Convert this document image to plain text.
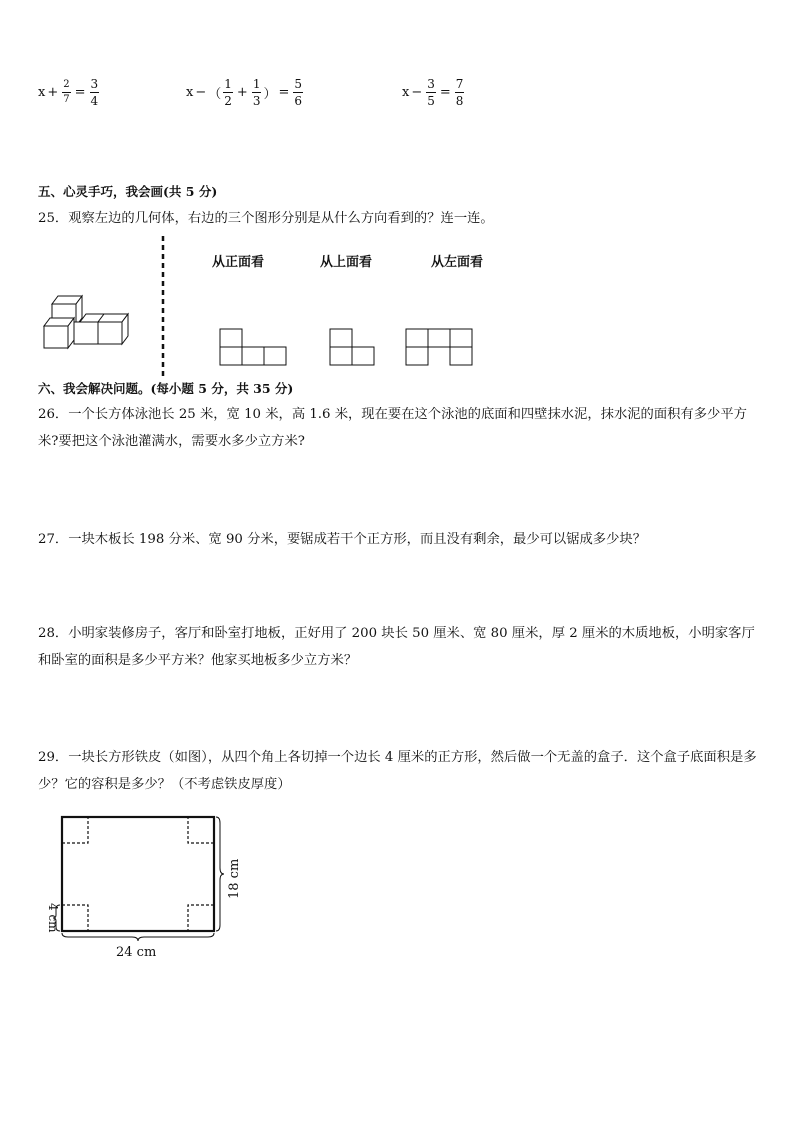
$x + \frac{2}{7} = \frac{3}{4}$	x − （ $\frac{1}{2} + \frac{1}{3}$ ） = $\frac{5}{6}$	$x - \frac{3}{5} = \frac{7}{8}$
五、心灵手巧，我会画(共 5 分)
25．观察左边的几何体，右边的三个图形分别是从什么方向看到的？连一连。
从正面看	从上面看	从左面看
六、我会解决问题。(每小题 5 分，共 35 分)
26．一个长方体泳池长 25 米，宽 10 米，高 1.6 米，现在要在这个泳池的底面和四壁抹水泥，抹水泥的面积有多少平方米?要把这个泳池灌满水，需要水多少立方米?
27．一块木板长 198 分米、宽 90 分米，要锯成若干个正方形，而且没有剩余，最少可以锯成多少块？
28．小明家装修房子，客厅和卧室打地板，正好用了 200 块长 50 厘米、宽 80 厘米，厚 2 厘米的木质地板，小明家客厅和卧室的面积是多少平方米？他家买地板多少立方米？
29．一块长方形铁皮（如图），从四个角上各切掉一个边长 4 厘米的正方形，然后做一个无盖的盒子．这个盒子底面积是多少？它的容积是多少？（不考虑铁皮厚度）
24 cm
18 cm
4 cm
